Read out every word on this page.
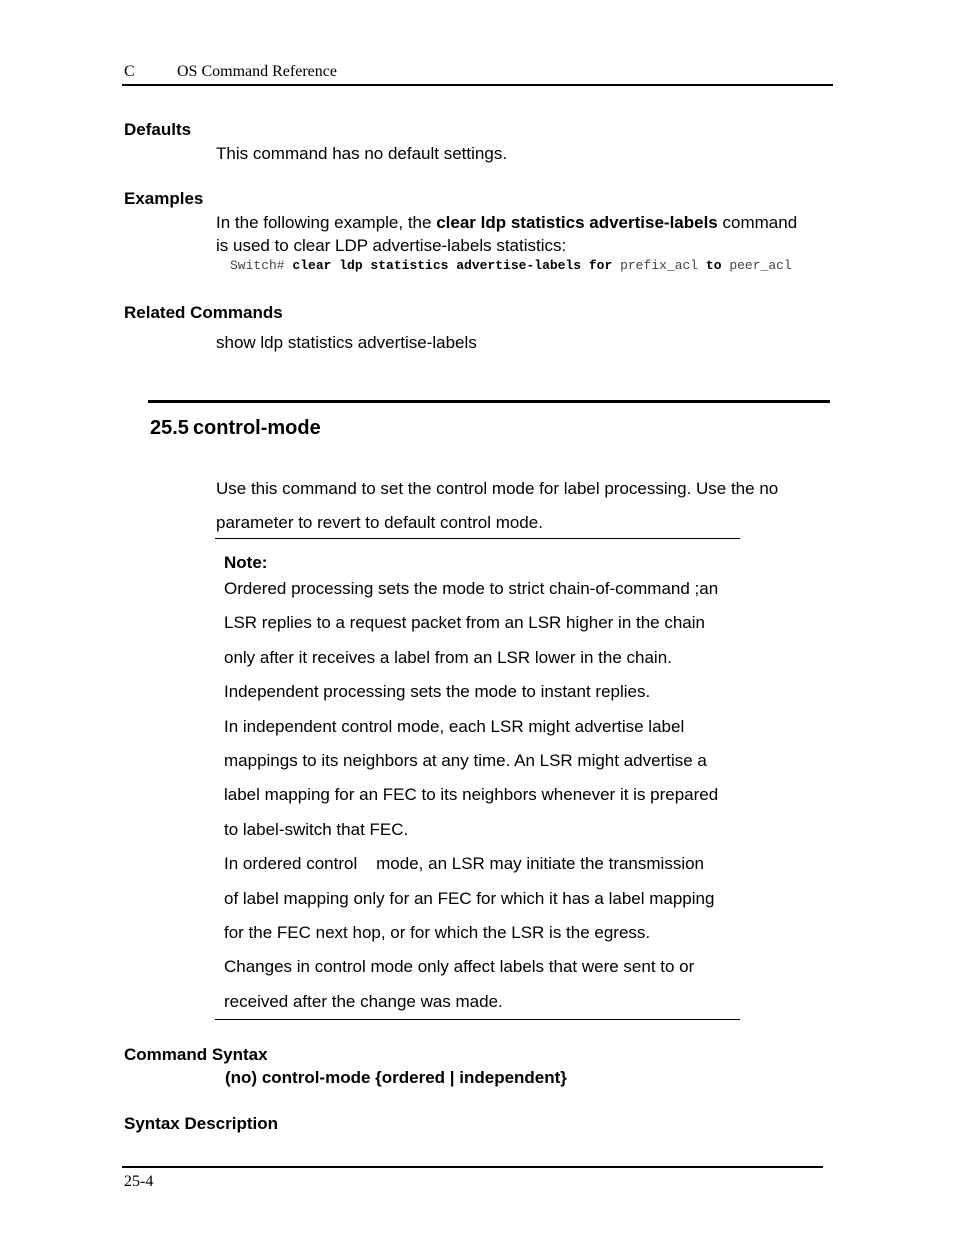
C	OS Command Reference
Defaults
This command has no default settings.
Examples
In the following example, the clear ldp statistics advertise-labels command
is used to clear LDP advertise-labels statistics:
Switch# clear ldp statistics advertise-labels for prefix_acl to peer_acl
Related Commands
show ldp statistics advertise-labels
25.5 control-mode
Use this command to set the control mode for label processing. Use the no
parameter to revert to default control mode.
Note:
Ordered processing sets the mode to strict chain-of-command ;an
LSR replies to a request packet from an LSR higher in the chain
only after it receives a label from an LSR lower in the chain.
Independent processing sets the mode to instant replies.
In independent control mode, each LSR might advertise label
mappings to its neighbors at any time. An LSR might advertise a
label mapping for an FEC to its neighbors whenever it is prepared
to label-switch that FEC.
In ordered control    mode, an LSR may initiate the transmission
of label mapping only for an FEC for which it has a label mapping
for the FEC next hop, or for which the LSR is the egress.
Changes in control mode only affect labels that were sent to or
received after the change was made.
Command Syntax
(no) control-mode {ordered | independent}
Syntax Description
25-4
